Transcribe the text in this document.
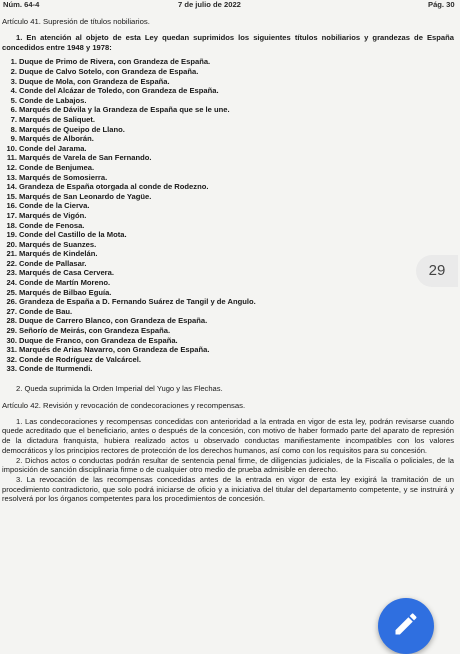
Núm. 64-4	7 de julio de 2022	Pág. 30
Artículo 41. Supresión de títulos nobiliarios.
1. En atención al objeto de esta Ley quedan suprimidos los siguientes títulos nobiliarios y grandezas de España concedidos entre 1948 y 1978:
1. Duque de Primo de Rivera, con Grandeza de España.
2. Duque de Calvo Sotelo, con Grandeza de España.
3. Duque de Mola, con Grandeza de España.
4. Conde del Alcázar de Toledo, con Grandeza de España.
5. Conde de Labajos.
6. Marqués de Dávila y la Grandeza de España que se le une.
7. Marqués de Saliquet.
8. Marqués de Queipo de Llano.
9. Marqués de Alborán.
10. Conde del Jarama.
11. Marqués de Varela de San Fernando.
12. Conde de Benjumea.
13. Marqués de Somosierra.
14. Grandeza de España otorgada al conde de Rodezno.
15. Marqués de San Leonardo de Yagüe.
16. Conde de la Cierva.
17. Marqués de Vigón.
18. Conde de Fenosa.
19. Conde del Castillo de la Mota.
20. Marqués de Suanzes.
21. Marqués de Kindelán.
22. Conde de Pallasar.
23. Marqués de Casa Cervera.
24. Conde de Martín Moreno.
25. Marqués de Bilbao Eguía.
26. Grandeza de España a D. Fernando Suárez de Tangil y de Angulo.
27. Conde de Bau.
28. Duque de Carrero Blanco, con Grandeza de España.
29. Señorío de Meirás, con Grandeza España.
30. Duque de Franco, con Grandeza de España.
31. Marqués de Arias Navarro, con Grandeza de España.
32. Conde de Rodríguez de Valcárcel.
33. Conde de Iturmendi.
2. Queda suprimida la Orden Imperial del Yugo y las Flechas.
Artículo 42. Revisión y revocación de condecoraciones y recompensas.

1. Las condecoraciones y recompensas concedidas con anterioridad a la entrada en vigor de esta ley, podrán revisarse cuando quede acreditado que el beneficiario, antes o después de la concesión, con motivo de haber formado parte del aparato de represión de la dictadura franquista, hubiera realizado actos u observado conductas manifiestamente incompatibles con los valores democráticos y los principios rectores de protección de los derechos humanos, así como con los requisitos para su concesión.

2. Dichos actos o conductas podrán resultar de sentencia penal firme, de diligencias judiciales, de la Fiscalía o policiales, de la imposición de sanción disciplinaria firme o de cualquier otro medio de prueba admisible en derecho.

3. La revocación de las recompensas concedidas antes de la entrada en vigor de esta ley exigirá la tramitación de un procedimiento contradictorio, que solo podrá iniciarse de oficio y a iniciativa del titular del departamento competente, y se instruirá y resolverá por los órganos competentes para los procedimientos de concesión.

29
